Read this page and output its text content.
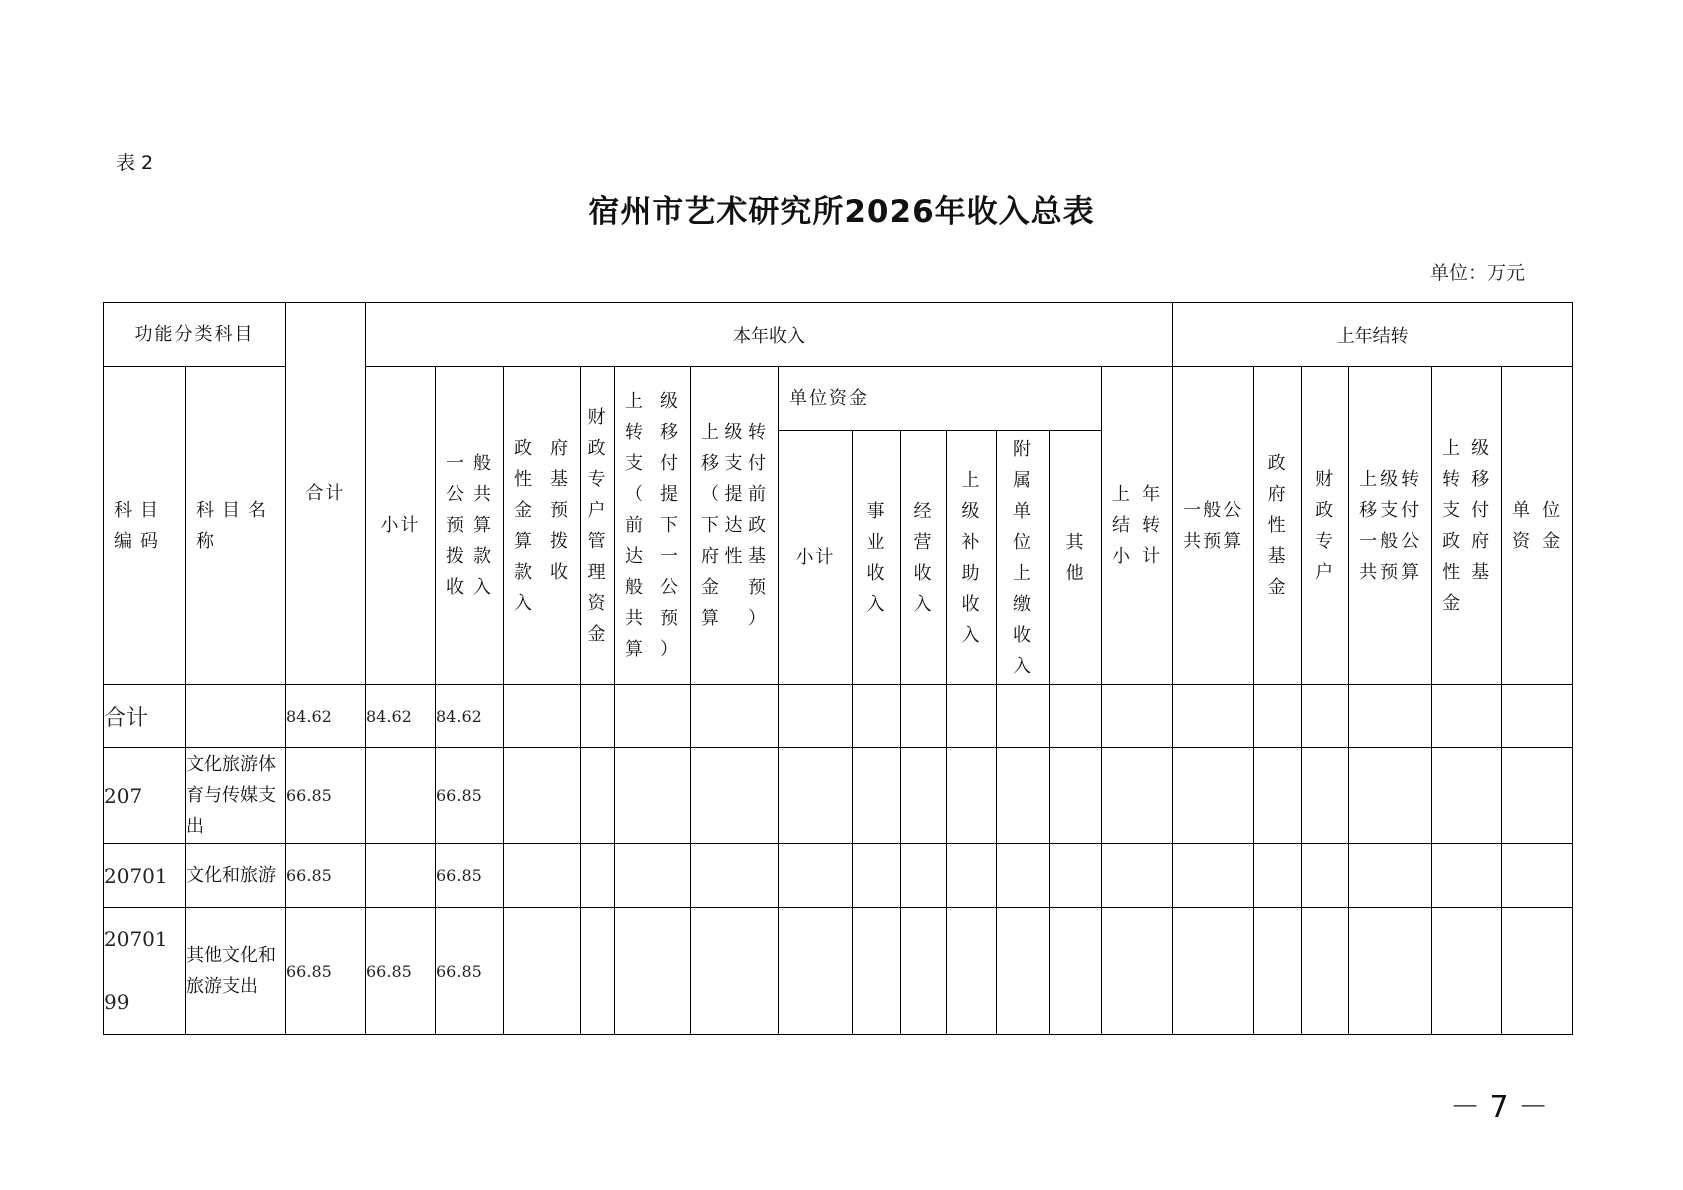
表 2
宿州市艺术研究所2026年收入总表
单位：万元
功能分类科目		合计	本年收入													上年结转					

科目编码	科目名称		小计	一般公共预算拨款收入	政府性基金预算拨款收入	财政专户管理资金	上级转移支付（提前下达一般公共预算）	上级转移支付（提前下达政府性基金预算）	单位资金						上年结转小计	一般公共预算	政府性基金	财政专户	上级转移支付一般公共预算	上级转移支付政府性基金	单位资金

									小计	事业收入	经营收入	上级补助收入	附属单位上缴收入	其他							

合计		84.62	84.62	84.62																	
207	文化旅游体育与传媒支出	66.85		66.85																	
20701	文化和旅游	66.85		66.85																	
2070199	其他文化和旅游支出	66.85	66.85	66.85																	
－ 7 －
